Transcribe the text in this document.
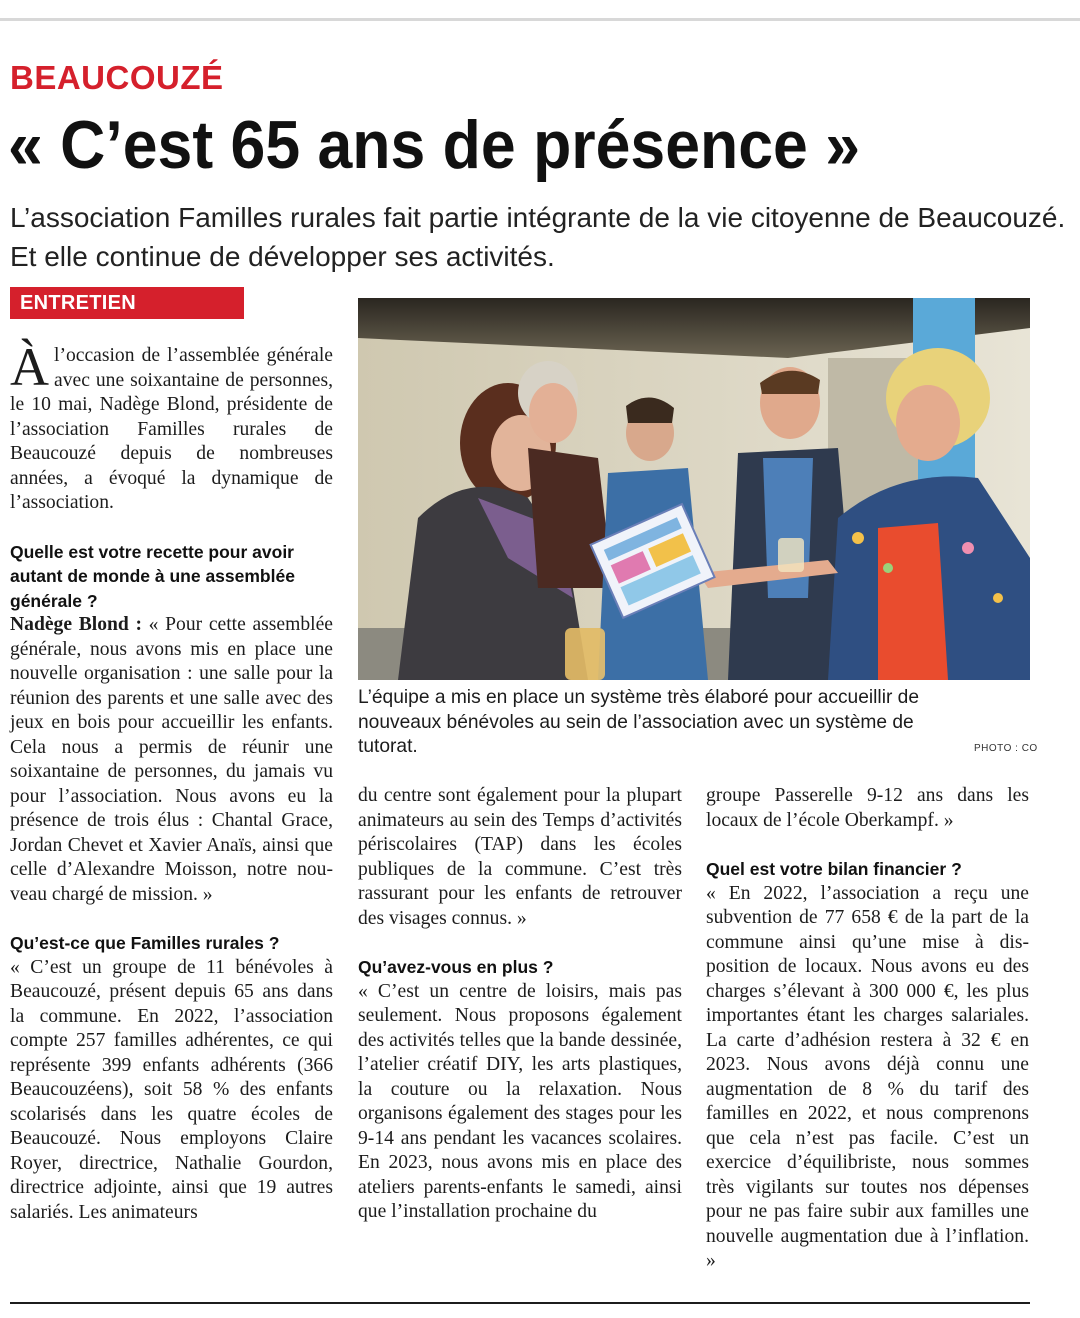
BEAUCOUZÉ
« C’est 65 ans de présence »

L’association Familles rurales fait partie intégrante de la vie citoyenne de Beaucouzé. Et elle continue de développer ses activités.

ENTRETIEN

L’équipe a mis en place un système très élaboré pour accueillir de nouveaux bénévoles au sein de l’association avec un système de tutorat.	PHOTO : CO

Àl’occasion de l’assemblée générale avec une soixantaine de personnes, le 10 mai, Nadège Blond, présidente de l’association Familles rurales de Beaucouzé depuis de nombreuses années, a évoqué la dynamique de l’association.

Quelle est votre recette pour avoir autant de monde à une assemblée générale ?

Nadège Blond : « Pour cette assemblée générale, nous avons mis en place une nouvelle organisation : une salle pour la réunion des parents et une salle avec des jeux en bois pour accueillir les enfants. Cela nous a permis de réunir une soixantaine de personnes, du jamais vu pour l’association. Nous avons eu la présence de trois élus : Chantal Grace, Jordan Chevet et Xavier Anaïs, ainsi que celle d’Alexandre Moisson, notre nouveau chargé de mission. »

Qu’est-ce que Familles rurales ?

« C’est un groupe de 11 bénévoles à Beaucouzé, présent depuis 65 ans dans la commune. En 2022, l’association compte 257 familles adhérentes, ce qui représente 399 enfants adhérents (366 Beaucouzéens), soit 58 % des enfants scolarisés dans les quatre écoles de Beaucouzé. Nous employons Claire Royer, directrice, Nathalie Gourdon, directrice adjointe, ainsi que 19 autres salariés. Les animateurs

du centre sont également pour la plupart animateurs au sein des Temps d’activités périscolaires (TAP) dans les écoles publiques de la commune. C’est très rassurant pour les enfants de retrouver des visages connus. »

Qu’avez-vous en plus ?

« C’est un centre de loisirs, mais pas seulement. Nous proposons également des activités telles que la bande dessinée, l’atelier créatif DIY, les arts plastiques, la couture ou la relaxation. Nous organisons également des stages pour les 9-14 ans pendant les vacances scolaires. En 2023, nous avons mis en place des ateliers parents-enfants le samedi, ainsi que l’installation prochaine du

groupe Passerelle 9-12 ans dans les locaux de l’école Oberkampf. »

Quel est votre bilan financier ?

« En 2022, l’association a reçu une subvention de 77 658 € de la part de la commune ainsi qu’une mise à disposition de locaux. Nous avons eu des charges s’élevant à 300 000 €, les plus importantes étant les charges salariales. La carte d’adhésion restera à 32 € en 2023. Nous avons déjà connu une augmentation de 8 % du tarif des familles en 2022, et nous comprenons que cela n’est pas facile. C’est un exercice d’équilibriste, nous sommes très vigilants sur toutes nos dépenses pour ne pas faire subir aux familles une nouvelle augmentation due à l’inflation. »
